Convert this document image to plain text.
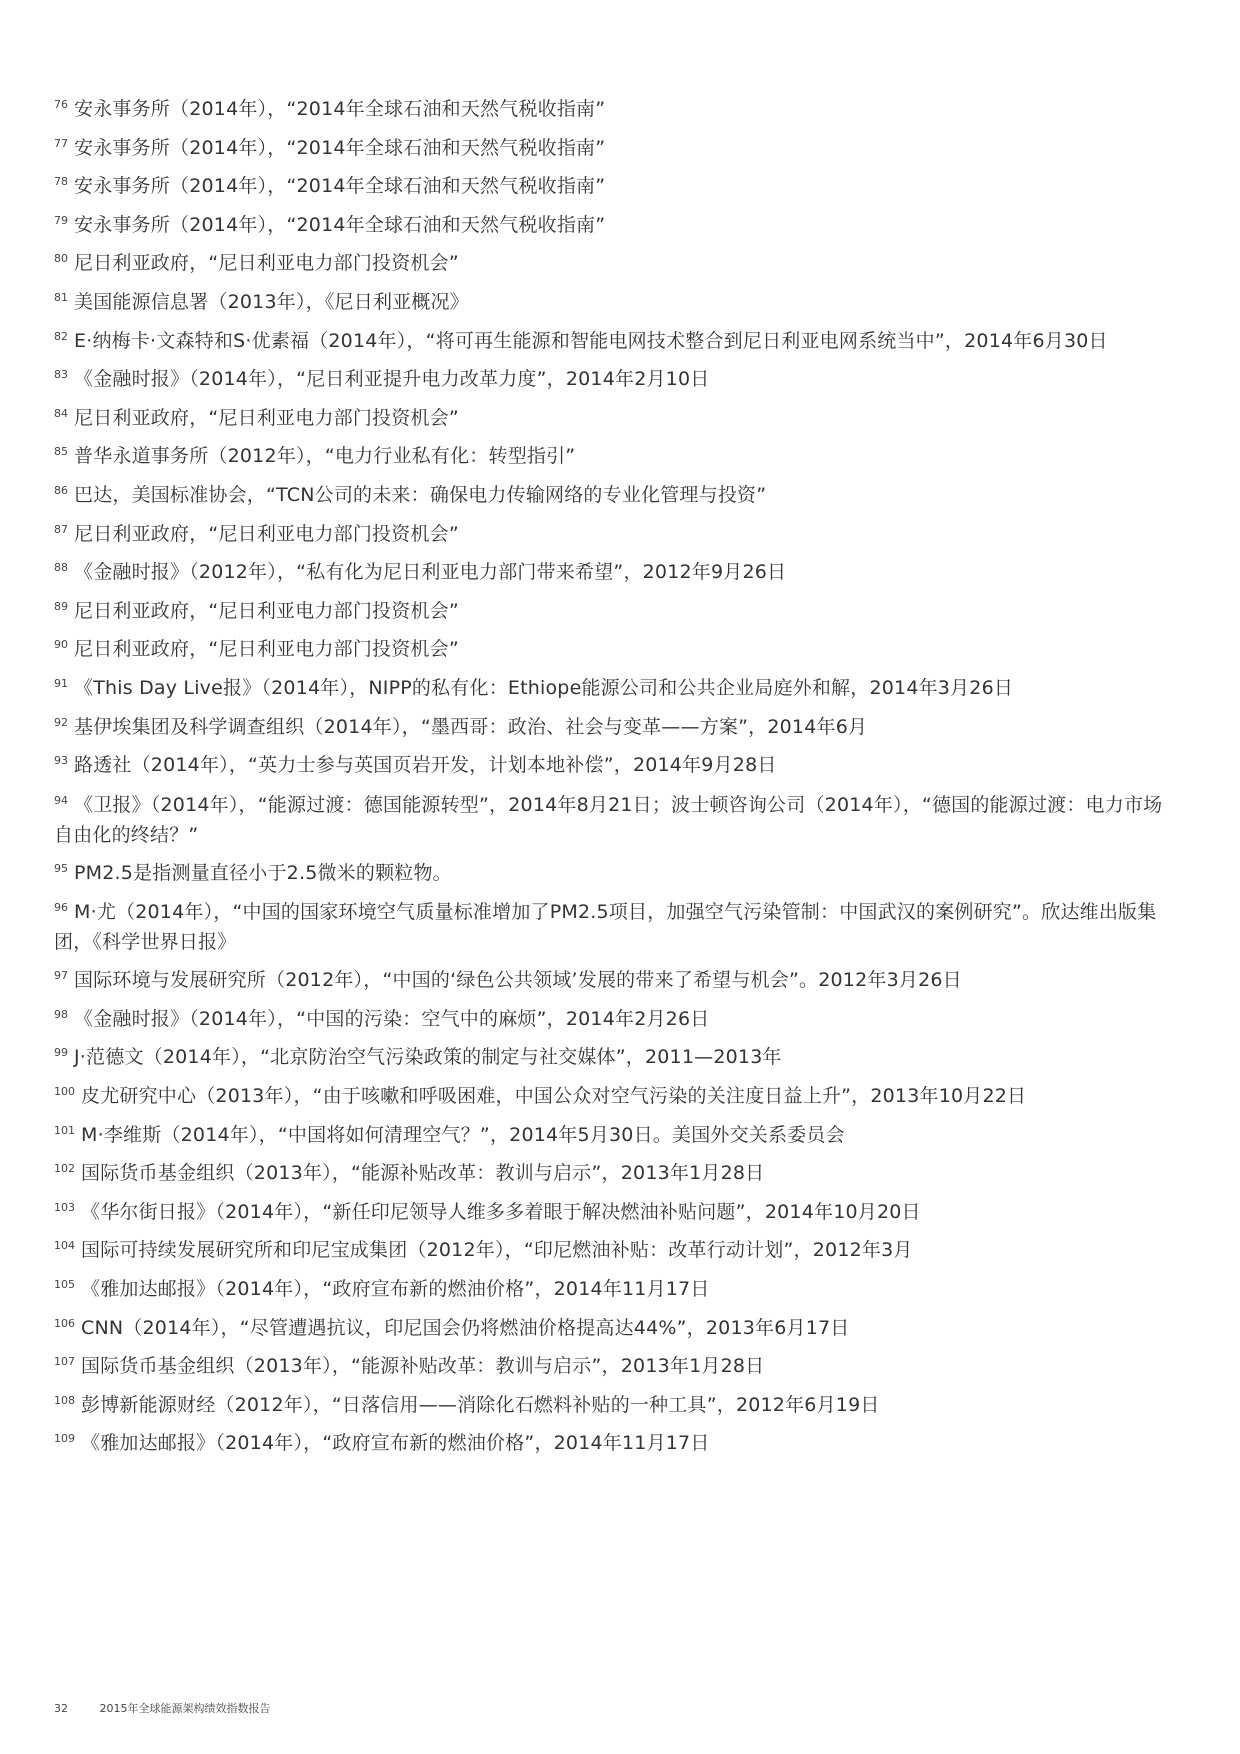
$^{76}$ 安永事务所（2014年），“2014年全球石油和天然气税收指南”
$^{77}$ 安永事务所（2014年），“2014年全球石油和天然气税收指南”
$^{78}$ 安永事务所（2014年），“2014年全球石油和天然气税收指南”
$^{79}$ 安永事务所（2014年），“2014年全球石油和天然气税收指南”
$^{80}$ 尼日利亚政府，“尼日利亚电力部门投资机会”
$^{81}$ 美国能源信息署（2013年），《尼日利亚概况》
$^{82}$ E·纳梅卡·文森特和S·优素福（2014年），“将可再生能源和智能电网技术整合到尼日利亚电网系统当中”，2014年6月30日
$^{83}$ 《金融时报》（2014年），“尼日利亚提升电力改革力度”，2014年2月10日
$^{84}$ 尼日利亚政府，“尼日利亚电力部门投资机会”
$^{85}$ 普华永道事务所（2012年），“电力行业私有化：转型指引”
$^{86}$ 巴达，美国标准协会，“TCN公司的未来：确保电力传输网络的专业化管理与投资”
$^{87}$ 尼日利亚政府，“尼日利亚电力部门投资机会”
$^{88}$ 《金融时报》（2012年），“私有化为尼日利亚电力部门带来希望”，2012年9月26日
$^{89}$ 尼日利亚政府，“尼日利亚电力部门投资机会”
$^{90}$ 尼日利亚政府，“尼日利亚电力部门投资机会”
$^{91}$ 《This Day Live报》（2014年），NIPP的私有化：Ethiope能源公司和公共企业局庭外和解，2014年3月26日
$^{92}$ 基伊埃集团及科学调查组织（2014年），“墨西哥：政治、社会与变革——方案”，2014年6月
$^{93}$ 路透社（2014年），“英力士参与英国页岩开发，计划本地补偿”，2014年9月28日
$^{94}$ 《卫报》（2014年），“能源过渡：德国能源转型”，2014年8月21日；波士顿咨询公司（2014年），“德国的能源过渡：电力市场自由化的终结？”
$^{95}$ PM2.5是指测量直径小于2.5微米的颗粒物。
$^{96}$ M·尤（2014年），“中国的国家环境空气质量标准增加了PM2.5项目，加强空气污染管制：中国武汉的案例研究”。欣达维出版集团，《科学世界日报》
$^{97}$ 国际环境与发展研究所（2012年），“中国的‘绿色公共领域’发展的带来了希望与机会”。2012年3月26日
$^{98}$ 《金融时报》（2014年），“中国的污染：空气中的麻烦”，2014年2月26日
$^{99}$ J·范德文（2014年），“北京防治空气污染政策的制定与社交媒体”，2011—2013年
$^{100}$ 皮尤研究中心（2013年），“由于咳嗽和呼吸困难，中国公众对空气污染的关注度日益上升”，2013年10月22日
$^{101}$ M·李维斯（2014年），“中国将如何清理空气？”，2014年5月30日。美国外交关系委员会
$^{102}$ 国际货币基金组织（2013年），“能源补贴改革：教训与启示”，2013年1月28日
$^{103}$ 《华尔街日报》（2014年），“新任印尼领导人维多多着眼于解决燃油补贴问题”，2014年10月20日
$^{104}$ 国际可持续发展研究所和印尼宝成集团（2012年），“印尼燃油补贴：改革行动计划”，2012年3月
$^{105}$ 《雅加达邮报》（2014年），“政府宣布新的燃油价格”，2014年11月17日
$^{106}$ CNN（2014年），“尽管遭遇抗议，印尼国会仍将燃油价格提高达44%”，2013年6月17日
$^{107}$ 国际货币基金组织（2013年），“能源补贴改革：教训与启示”，2013年1月28日
$^{108}$ 彭博新能源财经（2012年），“日落信用——消除化石燃料补贴的一种工具”，2012年6月19日
$^{109}$ 《雅加达邮报》（2014年），“政府宣布新的燃油价格”，2014年11月17日
32	2015年全球能源架构绩效指数报告
